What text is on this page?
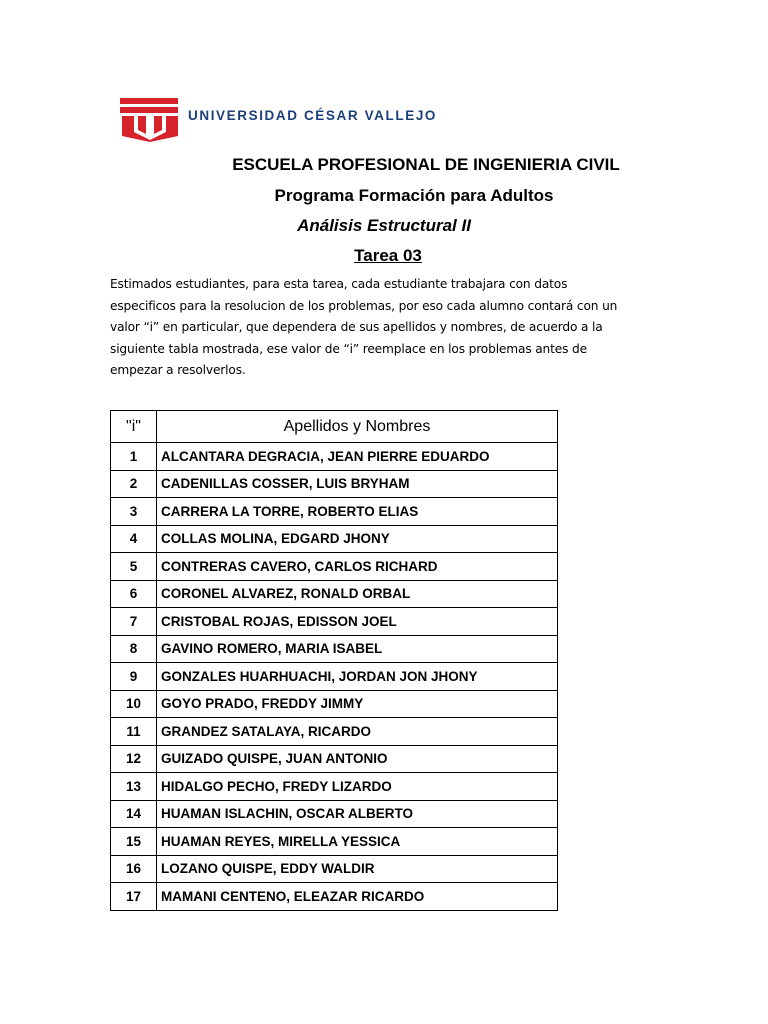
UNIVERSIDAD CÉSAR VALLEJO
ESCUELA PROFESIONAL DE INGENIERIA CIVIL
Programa Formación para Adultos
Análisis Estructural II
Tarea 03
Estimados estudiantes, para esta tarea, cada estudiante trabajara con datos
especificos para la resolucion de los problemas, por eso cada alumno contará con un
valor “i” en particular, que dependera de sus apellidos y nombres, de acuerdo a la
siguiente tabla mostrada, ese valor de “i” reemplace en los problemas antes de
empezar a resolverlos.
"i"	Apellidos y Nombres
1	ALCANTARA DEGRACIA, JEAN PIERRE EDUARDO
2	CADENILLAS COSSER, LUIS BRYHAM
3	CARRERA LA TORRE, ROBERTO ELIAS
4	COLLAS MOLINA, EDGARD JHONY
5	CONTRERAS CAVERO, CARLOS RICHARD
6	CORONEL ALVAREZ, RONALD ORBAL
7	CRISTOBAL ROJAS, EDISSON JOEL
8	GAVINO ROMERO, MARIA ISABEL
9	GONZALES HUARHUACHI, JORDAN JON JHONY
10	GOYO PRADO, FREDDY JIMMY
11	GRANDEZ SATALAYA, RICARDO
12	GUIZADO QUISPE, JUAN ANTONIO
13	HIDALGO PECHO, FREDY LIZARDO
14	HUAMAN ISLACHIN, OSCAR ALBERTO
15	HUAMAN REYES, MIRELLA YESSICA
16	LOZANO QUISPE, EDDY WALDIR
17	MAMANI CENTENO, ELEAZAR RICARDO
